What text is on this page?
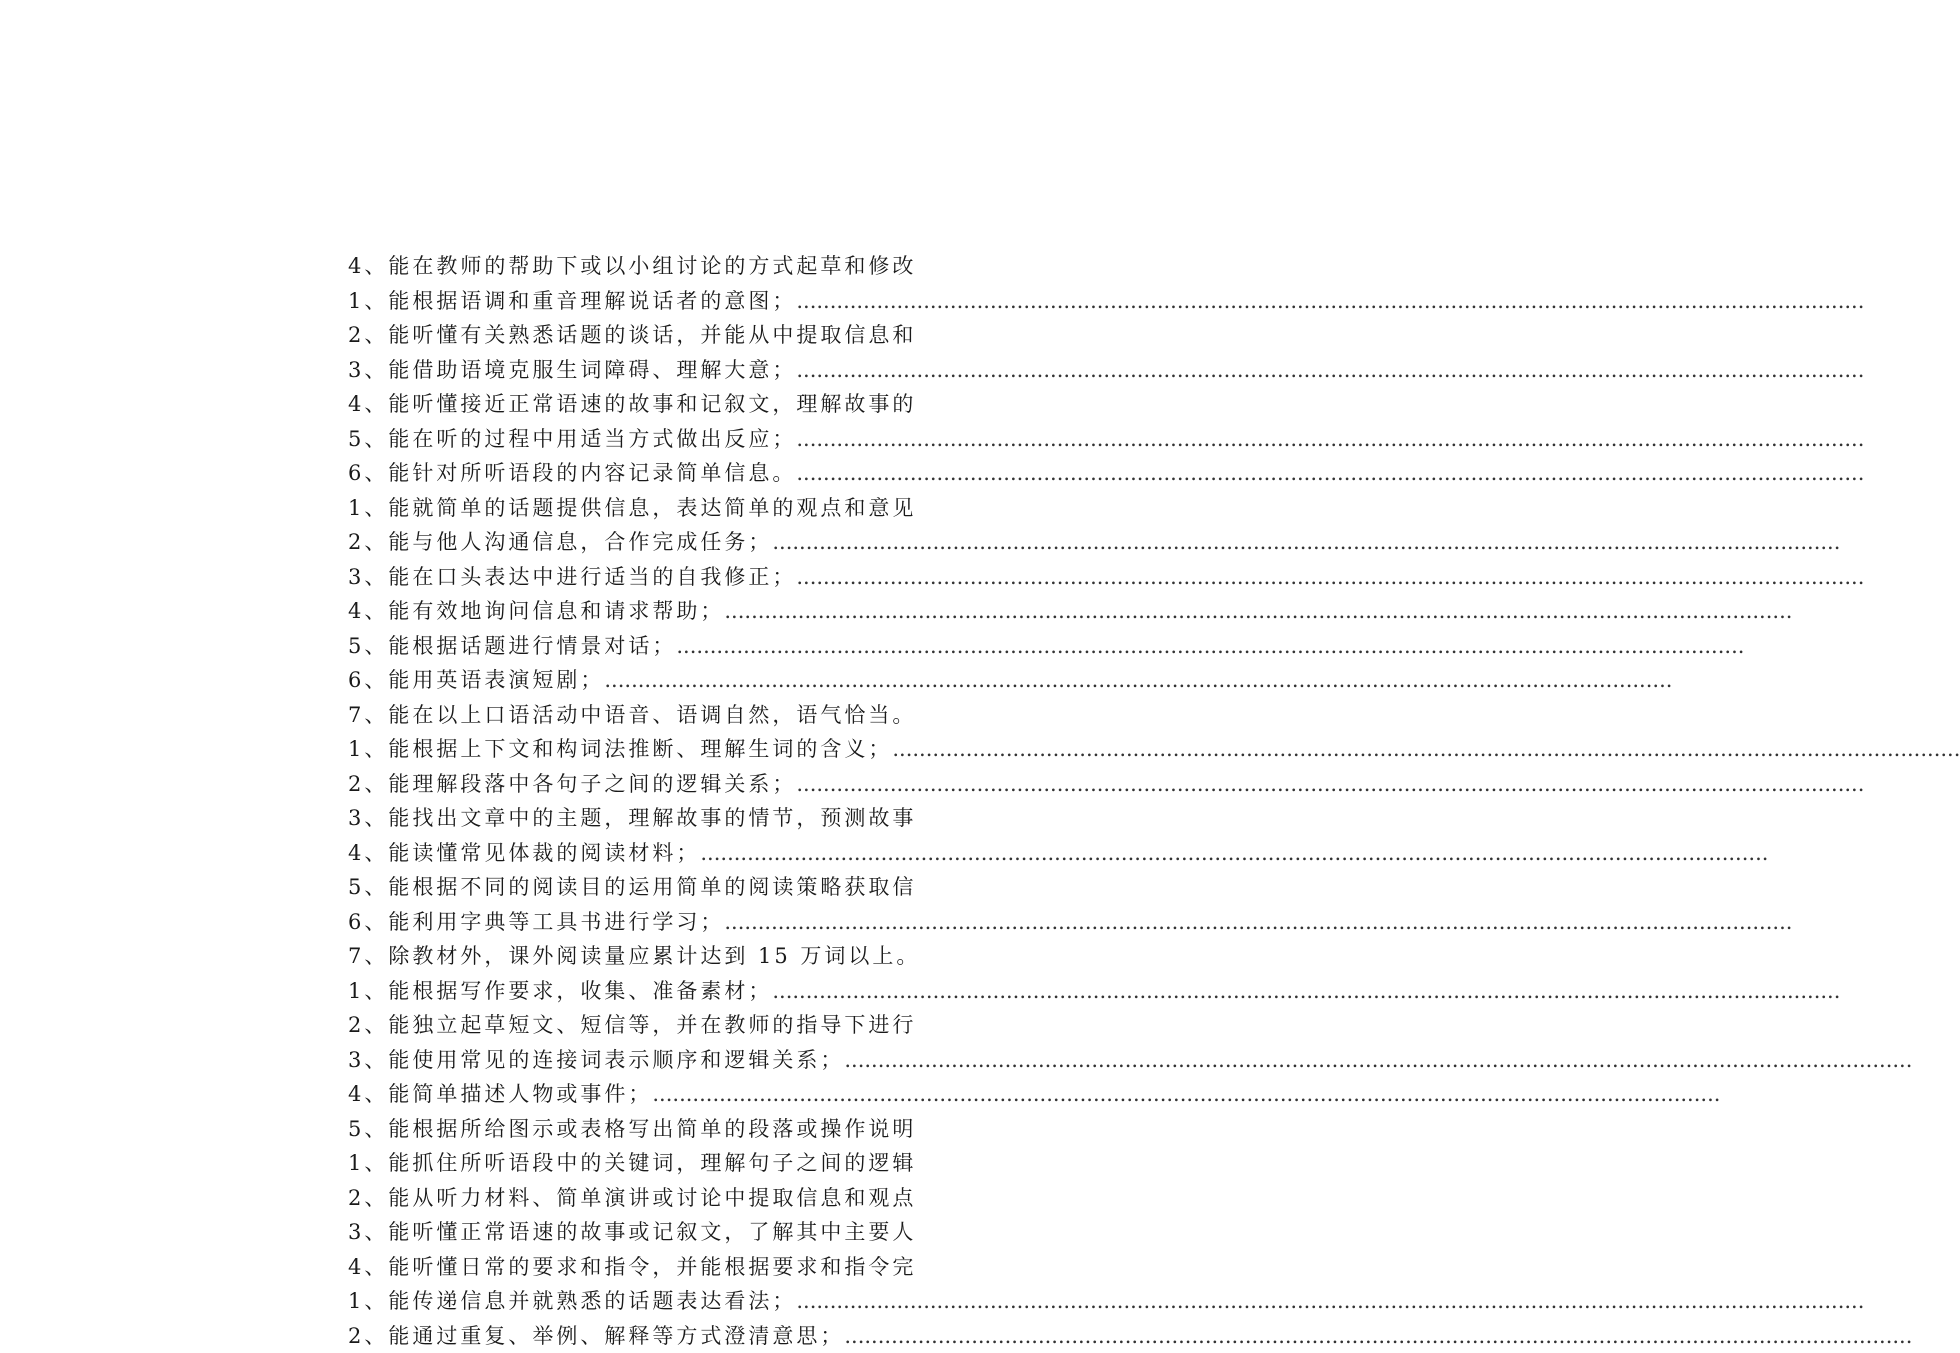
4、能在教师的帮助下或以小组讨论的方式起草和修改
1、能根据语调和重音理解说话者的意图；................................................................................................................................................................
2、能听懂有关熟悉话题的谈话，并能从中提取信息和
3、能借助语境克服生词障碍、理解大意；................................................................................................................................................................
4、能听懂接近正常语速的故事和记叙文，理解故事的
5、能在听的过程中用适当方式做出反应；................................................................................................................................................................
6、能针对所听语段的内容记录简单信息。................................................................................................................................................................
1、能就简单的话题提供信息，表达简单的观点和意见
2、能与他人沟通信息，合作完成任务；................................................................................................................................................................
3、能在口头表达中进行适当的自我修正；................................................................................................................................................................
4、能有效地询问信息和请求帮助；................................................................................................................................................................
5、能根据话题进行情景对话；................................................................................................................................................................
6、能用英语表演短剧；................................................................................................................................................................
7、能在以上口语活动中语音、语调自然，语气恰当。
1、能根据上下文和构词法推断、理解生词的含义；................................................................................................................................................................
2、能理解段落中各句子之间的逻辑关系；................................................................................................................................................................
3、能找出文章中的主题，理解故事的情节，预测故事
4、能读懂常见体裁的阅读材料；................................................................................................................................................................
5、能根据不同的阅读目的运用简单的阅读策略获取信
6、能利用字典等工具书进行学习；................................................................................................................................................................
7、除教材外，课外阅读量应累计达到 15 万词以上。
1、能根据写作要求，收集、准备素材；................................................................................................................................................................
2、能独立起草短文、短信等，并在教师的指导下进行
3、能使用常见的连接词表示顺序和逻辑关系；................................................................................................................................................................
4、能简单描述人物或事件；................................................................................................................................................................
5、能根据所给图示或表格写出简单的段落或操作说明
1、能抓住所听语段中的关键词，理解句子之间的逻辑
2、能从听力材料、简单演讲或讨论中提取信息和观点
3、能听懂正常语速的故事或记叙文，了解其中主要人
4、能听懂日常的要求和指令，并能根据要求和指令完
1、能传递信息并就熟悉的话题表达看法；................................................................................................................................................................
2、能通过重复、举例、解释等方式澄清意思；................................................................................................................................................................
